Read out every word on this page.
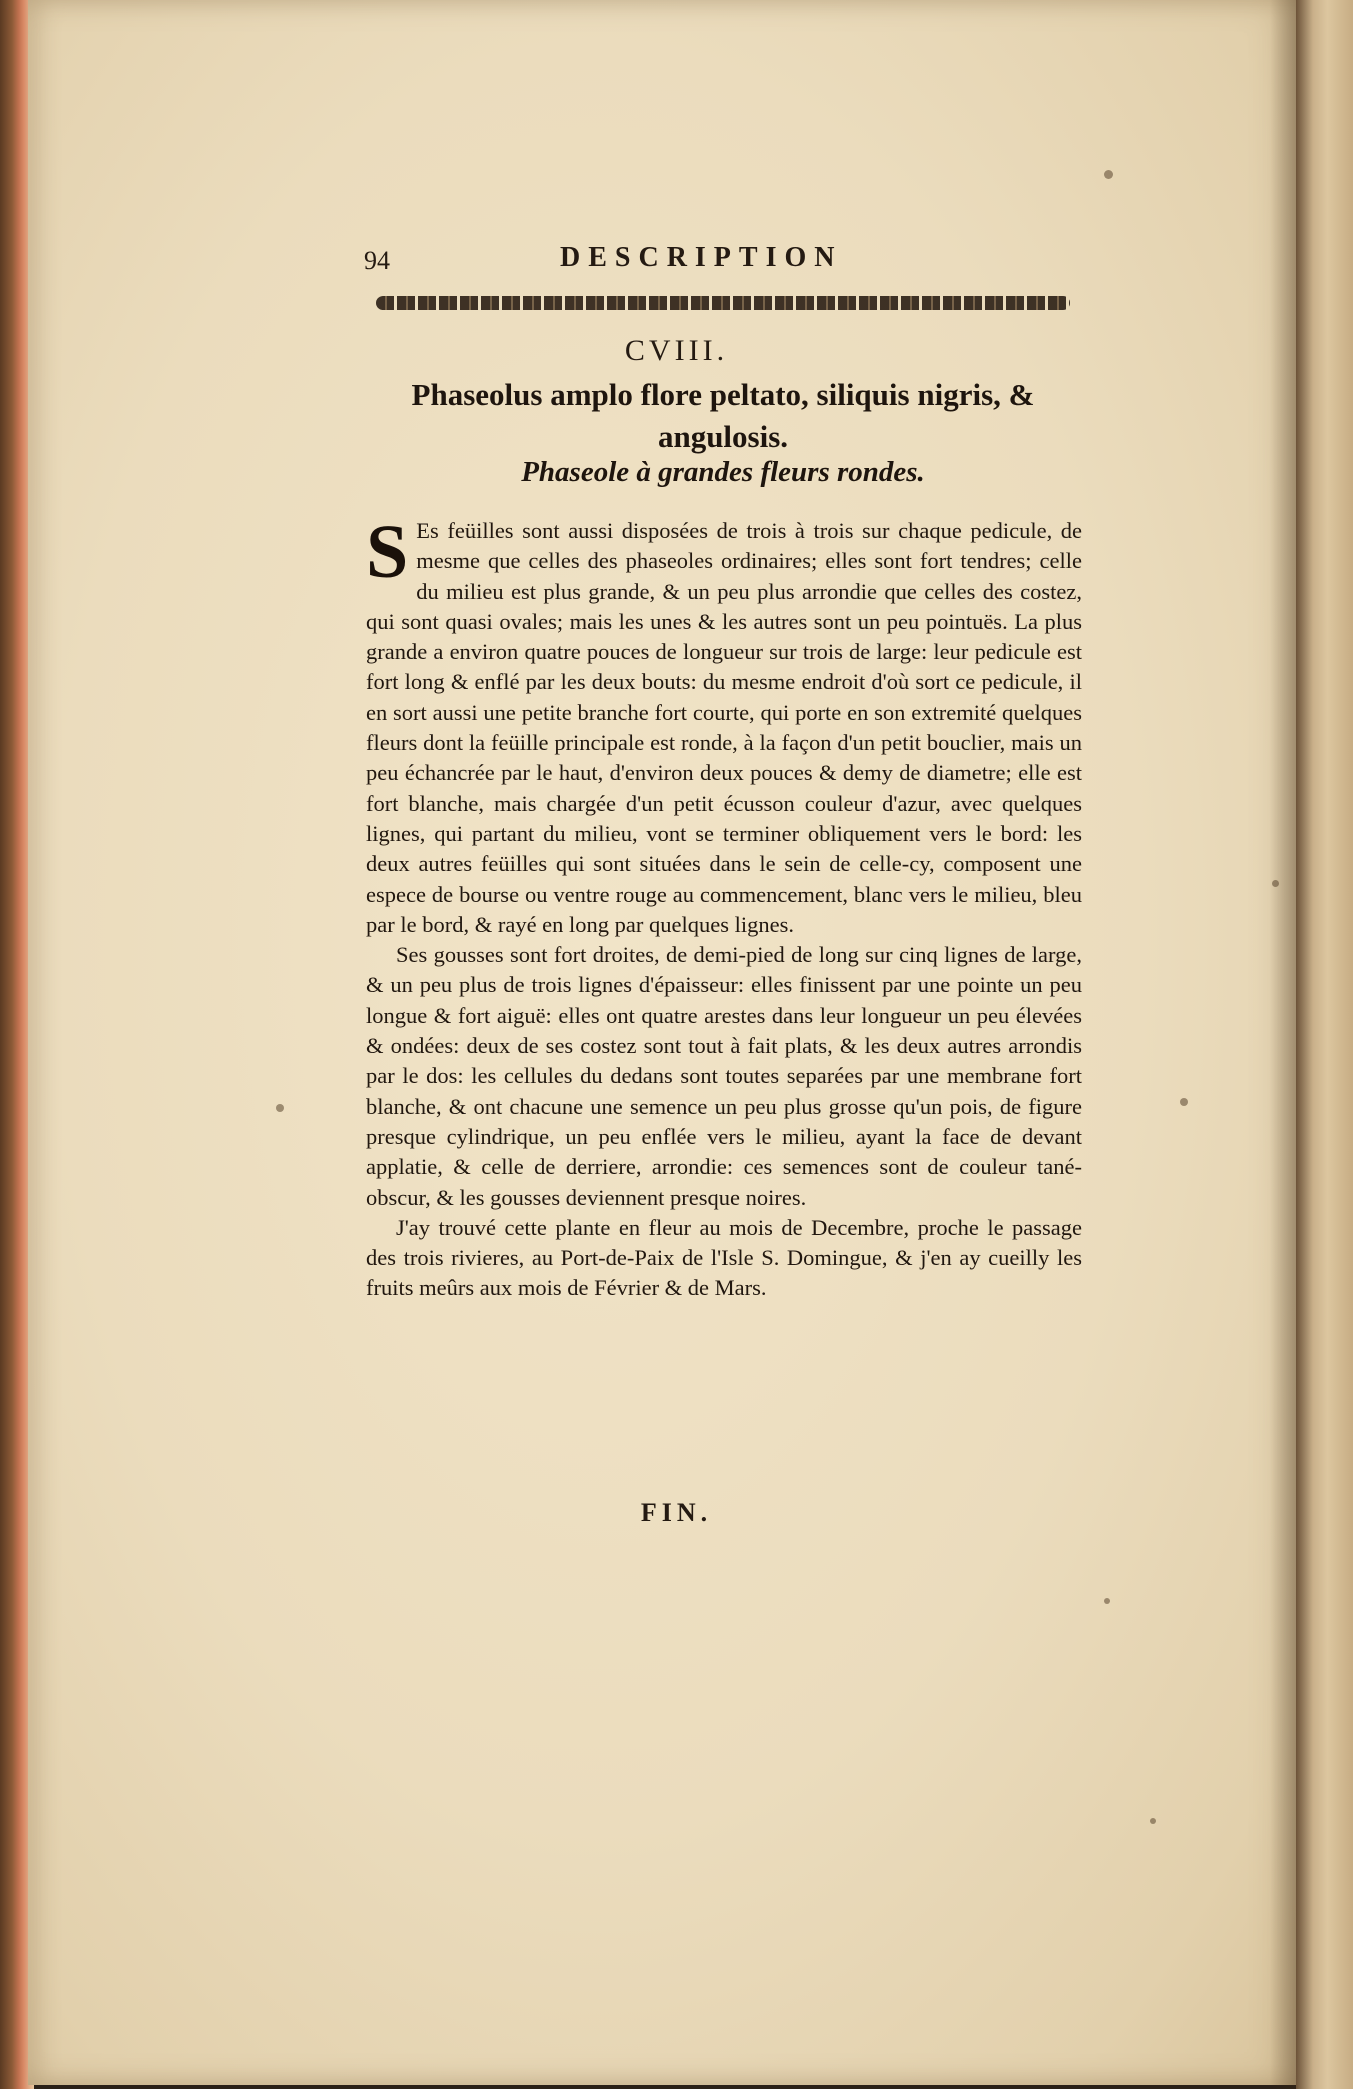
94	DESCRIPTION
CVIII.
Phaseolus amplo flore peltato, siliquis nigris, & angulosis.
Phaseole à grandes fleurs rondes.

S Es feüilles sont aussi disposées de trois à trois sur chaque pedicule, de mesme que celles des phaseoles ordinaires; elles sont fort tendres; celle du milieu est plus grande, & un peu plus arrondie que celles des costez, qui sont quasi ovales; mais les unes & les autres sont un peu pointuës. La plus grande a environ quatre pouces de longueur sur trois de large: leur pedicule est fort long & enflé par les deux bouts: du mesme endroit d'où sort ce pedicule, il en sort aussi une petite branche fort courte, qui porte en son extremité quelques fleurs dont la feüille principale est ronde, à la façon d'un petit bouclier, mais un peu échancrée par le haut, d'environ deux pouces & demy de diametre; elle est fort blanche, mais chargée d'un petit écusson couleur d'azur, avec quelques lignes, qui partant du milieu, vont se terminer obliquement vers le bord: les deux autres feüilles qui sont situées dans le sein de celle-cy, composent une espece de bourse ou ventre rouge au commencement, blanc vers le milieu, bleu par le bord, & rayé en long par quelques lignes.

Ses gousses sont fort droites, de demi-pied de long sur cinq lignes de large, & un peu plus de trois lignes d'épaisseur: elles finissent par une pointe un peu longue & fort aiguë: elles ont quatre arestes dans leur longueur un peu élevées & ondées: deux de ses costez sont tout à fait plats, & les deux autres arrondis par le dos: les cellules du dedans sont toutes separées par une membrane fort blanche, & ont chacune une semence un peu plus grosse qu'un pois, de figure presque cylindrique, un peu enflée vers le milieu, ayant la face de devant applatie, & celle de derriere, arrondie: ces semences sont de couleur tané-obscur, & les gousses deviennent presque noires.

J'ay trouvé cette plante en fleur au mois de Decembre, proche le passage des trois rivieres, au Port-de-Paix de l'Isle S. Domingue, & j'en ay cueilly les fruits meûrs aux mois de Février & de Mars.

FIN.
